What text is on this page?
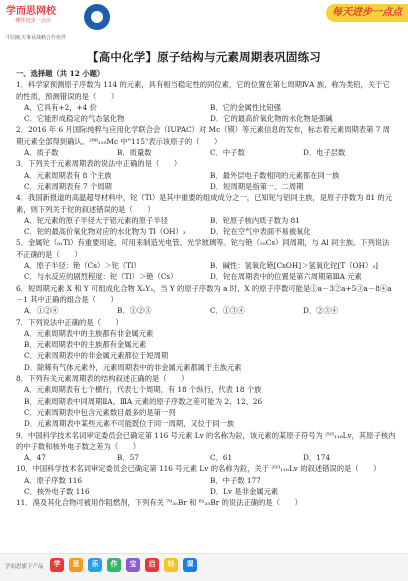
学而思网校
·懂你进步一点点·
中国航天事业战略合作伙伴
每天进步一点点
【高中化学】原子结构与元素周期表巩固练习
一、选择题（共 12 小题）
1．科学家预测原子序数为 114 的元素，具有相当稳定性的同位素，它的位置在第七周期ⅣA 族，称为类铅，关于它的性质，预测错误的是（　　）
A．它具有+2，+4 价	B．它的金属性比铅强
C．它能形成稳定的气态氢化物	D．它的最高价氧化物的水化物是强碱
2．2016 年 6 月国际纯粹与应用化学联合会（IUPAC）对 Mc（镆）等元素信息的发布，标志着元素周期表第 7 周期元素全部得到确认。²⁸⁸₁₁₅Mc 中"115"表示该原子的（　　）
A．质子数	B．质量数	C．中子数	D．电子层数
3．下列关于元素周期表的说法中正确的是（　　）
A．元素周期表有 8 个主族	B．最外层电子数相同的元素都在同一族
C．元素周期表有 7 个周期	D．短周期是指第一、二周期
4．我国新报道的高温超导材料中，铊（Tl）是其中重要的组成成分之一，已知铊与铝同主族，是原子序数为 81 的元素，则下列关于铊的叙述错误的是（　　）
A．铊元素的原子半径大于铝元素的原子半径	B．铊原子核内质子数为 81
C．铊的最高价氧化物对应的水化物为 Tl（OH）₃	D．铊在空气中表面不易被氧化
5．金属铊（₈₁Tl）有重要用途，可用来制造光电管、光学玻璃等。铊与铯（₅₅Cs）同周期，与 Al 同主族。下列说法不正确的是（　　）
A．原子半径：铯（Cs）＞铊（Tl）	B．碱性：氢氧化铯[CsOH]＞氢氧化铊[T（OH）₃]
C．与水反应的剧烈程度：铊（Tl）＞铯（Cs）	D．铊在周期表中的位置是第六周期第ⅢA 元素
6．短周期元素 X 和 Y 可组成化合物 X₂Y₃，当 Y 的原子序数为 a 时，X 的原子序数可能是①a－3②a+5③a－8④a－1 其中正确的组合是（　　）
A．①②④	B．①②③	C．①③④	D．②③④
7．下列说法中正确的是（　　）
A．元素周期表中的主族都有非金属元素
B．元素周期表中的主族都有金属元素
C．元素周期表中的非金属元素都位于短周期
D．除稀有气体元素外，元素周期表中的非金属元素都属于主族元素
8．下列有关元素周期表的结构叙述正确的是（　　）
A．元素周期表有七个横行，代表七个周期，有 18 个纵行，代表 18 个族
B．元素周期表中同周期ⅡA、ⅢA 元素的原子序数之差可能为 2、12、26
C．元素周期表中包含元素数目最多的是第一列
D．元素周期表中某些元素不可能既位于同一周期，又位于同一族
9．中国科学技术名词审定委员会已确定第 116 号元素 Lv 的名称为鉝，该元素的某原子符号为 ²⁹³₁₁₆Lv，其原子核内的中子数和核外电子数之差为（　　）
A．47	B．57	C．61	D．174
10．中国科学技术名词审定委员会已确定第 116 号元素 Lv 的名称为鉝，关于 ²⁹³₁₁₆Lv 的叙述错误的是（　　）
A．原子序数 116	B．中子数 177
C．核外电子数 116	D．Lv 是非金属元素
11．溴及其化合物可被用作阻燃剂，下列有关 ⁷⁹₃₅Br 和 ⁸¹₃₅Br 的说法正确的是（　　）
学而思旗下产品	学	思	乐	作	宝	启	轻	课
